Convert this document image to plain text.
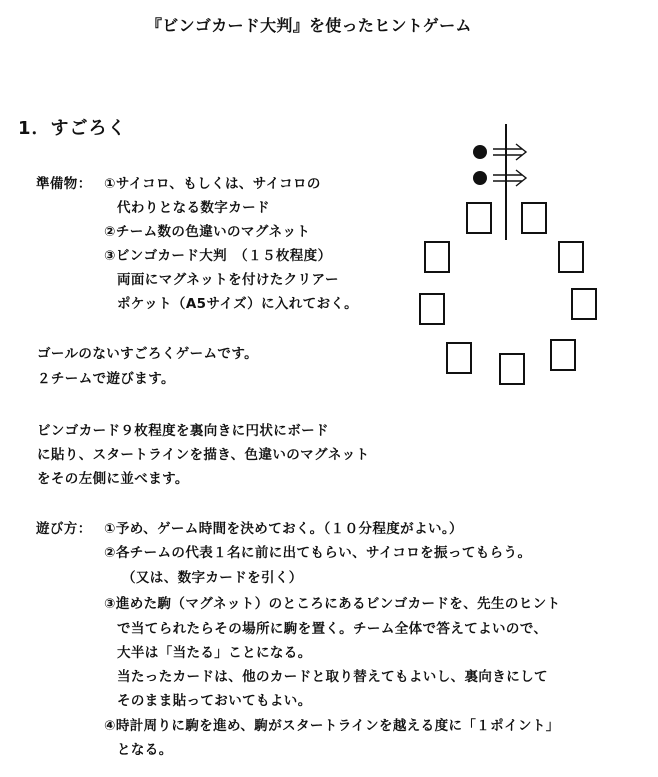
『ビンゴカード大判』を使ったヒントゲーム
1．すごろく
準備物： ①サイコロ、もしくは、サイコロの
代わりとなる数字カード
②チーム数の色違いのマグネット
③ビンゴカード大判　（１５枚程度）
両面にマグネットを付けたクリアー
ポケット（A5サイズ）に入れておく。
ゴールのないすごろくゲームです。
２チームで遊びます。
ビンゴカード９枚程度を裏向きに円状にボード
に貼り、スタートラインを描き、色違いのマグネット
をその左側に並べます。
遊び方： ①予め、ゲーム時間を決めておく。（１０分程度がよい。）
②各チームの代表１名に前に出てもらい、サイコロを振ってもらう。
（又は、数字カードを引く）
③進めた駒（マグネット）のところにあるビンゴカードを、先生のヒント
で当てられたらその場所に駒を置く。チーム全体で答えてよいので、
大半は「当たる」ことになる。
当たったカードは、他のカードと取り替えてもよいし、裏向きにして
そのまま貼っておいてもよい。
④時計周りに駒を進め、駒がスタートラインを越える度に「１ポイント」
となる。
